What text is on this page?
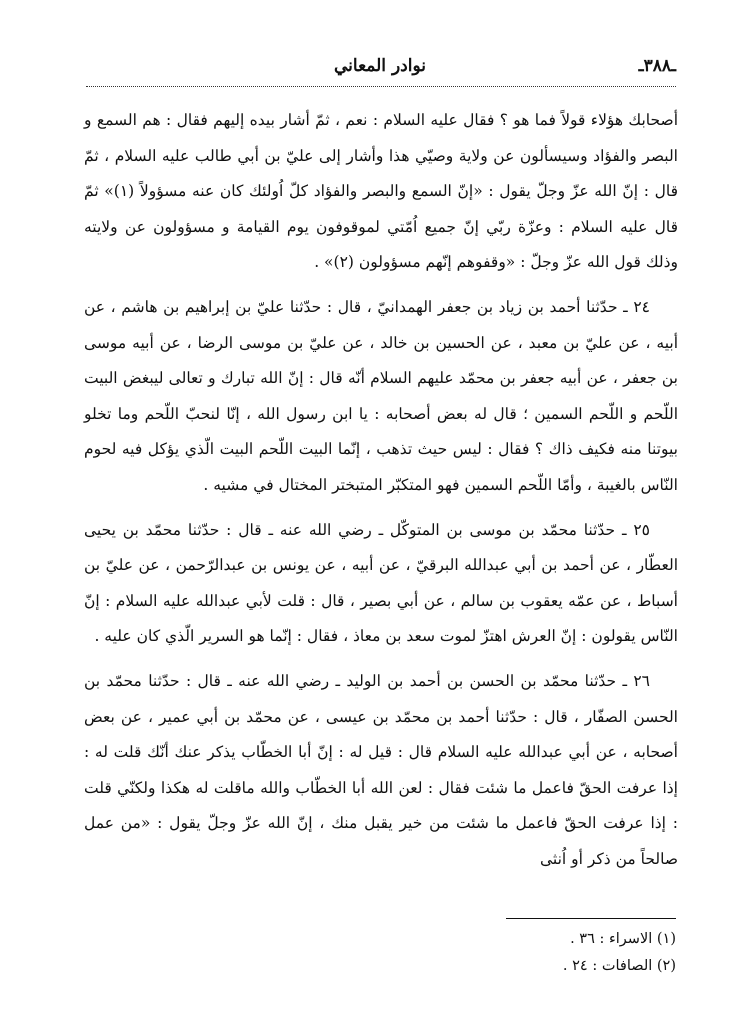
ـ٣٨٨ـ
نوادر المعاني

أصحابك هؤلاء قولاً فما هو ؟ فقال عليه السلام : نعم ، ثمّ أشار بيده إليهم فقال : هم السمع و البصر والفؤاد وسيسألون عن ولاية وصيّي هذا وأشار إلى عليّ بن أبي طالب عليه السلام ، ثمّ قال : إنّ الله عزّ وجلّ يقول : «إنّ السمع والبصر والفؤاد كلّ اُولئك كان عنه مسؤولاً (١)» ثمّ قال عليه السلام : وعزّة ربّي إنّ جميع اُمّتي لموقوفون يوم القيامة و مسؤولون عن ولايته وذلك قول الله عزّ وجلّ : «وقفوهم إنّهم مسؤولون (٢)» .

٢٤ ـ حدّثنا أحمد بن زياد بن جعفر الهمدانيّ ، قال : حدّثنا عليّ بن إبراهيم بن هاشم ، عن أبيه ، عن عليّ بن معبد ، عن الحسين بن خالد ، عن عليّ بن موسى الرضا ، عن أبيه موسى بن جعفر ، عن أبيه جعفر بن محمّد عليهم السلام أنّه قال : إنّ الله تبارك و تعالى ليبغض البيت اللّحم و اللّحم السمين ؛ قال له بعض أصحابه : يا ابن رسول الله ، إنّا لنحبّ اللّحم وما تخلو بيوتنا منه فكيف ذاك ؟ فقال : ليس حيث تذهب ، إنّما البيت اللّحم البيت الّذي يؤكل فيه لحوم النّاس بالغيبة ، وأمّا اللّحم السمين فهو المتكبّر المتبختر المختال في مشيه .

٢٥ ـ حدّثنا محمّد بن موسى بن المتوكّل ـ رضي الله عنه ـ قال : حدّثنا محمّد بن يحيى العطّار ، عن أحمد بن أبي عبدالله البرقيّ ، عن أبيه ، عن يونس بن عبدالرّحمن ، عن عليّ بن أسباط ، عن عمّه يعقوب بن سالم ، عن أبي بصير ، قال : قلت لأبي عبدالله عليه السلام : إنّ النّاس يقولون : إنّ العرش اهتزّ لموت سعد بن معاذ ، فقال : إنّما هو السرير الّذي كان عليه .

٢٦ ـ حدّثنا محمّد بن الحسن بن أحمد بن الوليد ـ رضي الله عنه ـ قال : حدّثنا محمّد بن الحسن الصفّار ، قال : حدّثنا أحمد بن محمّد بن عيسى ، عن محمّد بن أبي عمير ، عن بعض أصحابه ، عن أبي عبدالله عليه السلام قال : قيل له : إنّ أبا الخطّاب يذكر عنك أنّك قلت له : إذا عرفت الحقّ فاعمل ما شئت فقال : لعن الله أبا الخطّاب والله ماقلت له هكذا ولكنّي قلت : إذا عرفت الحقّ فاعمل ما شئت من خير يقبل منك ، إنّ الله عزّ وجلّ يقول : «من عمل صالحاً من ذكر أو اُنثى

(١) الاسراء : ٣٦ .
(٢) الصافات : ٢٤ .
